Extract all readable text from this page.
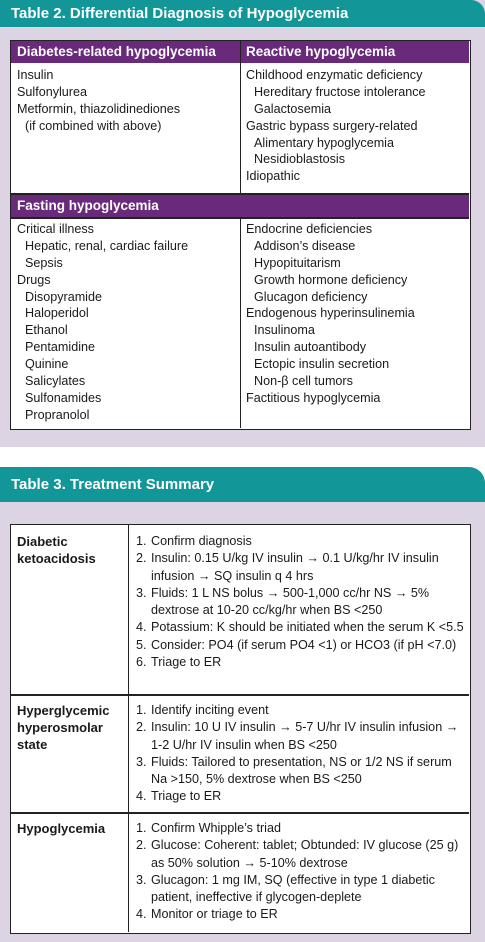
Table 2. Differential Diagnosis of Hypoglycemia
Diabetes-related hypoglycemia Reactive hypoglycemia
Insulin
Sulfonylurea
Metformin, thiazolidinediones
(if combined with above)
Childhood enzymatic deficiency
Hereditary fructose intolerance
Galactosemia
Gastric bypass surgery-related
Alimentary hypoglycemia
Nesidioblastosis
Idiopathic
Fasting hypoglycemia
Critical illness
Hepatic, renal, cardiac failure
Sepsis
Drugs
Disopyramide
Haloperidol
Ethanol
Pentamidine
Quinine
Salicylates
Sulfonamides
Propranolol
Endocrine deficiencies
Addison’s disease
Hypopituitarism
Growth hormone deficiency
Glucagon deficiency
Endogenous hyperinsulinemia
Insulinoma
Insulin autoantibody
Ectopic insulin secretion
Non-β cell tumors
Factitious hypoglycemia
Table 3. Treatment Summary
Diabetic ketoacidosis
1. Confirm diagnosis
2. Insulin: 0.15 U/kg IV insulin → 0.1 U/kg/hr IV insulin infusion → SQ insulin q 4 hrs
3. Fluids: 1 L NS bolus → 500-1,000 cc/hr NS → 5% dextrose at 10-20 cc/kg/hr when BS <250
4. Potassium: K should be initiated when the serum K <5.5
5. Consider: PO4 (if serum PO4 <1) or HCO3 (if pH <7.0)
6. Triage to ER
Hyperglycemic hyperosmolar state
1. Identify inciting event
2. Insulin: 10 U IV insulin → 5-7 U/hr IV insulin infusion → 1-2 U/hr IV insulin when BS <250
3. Fluids: Tailored to presentation, NS or 1/2 NS if serum Na >150, 5% dextrose when BS <250
4. Triage to ER
Hypoglycemia	1. Confirm Whipple’s triad
2. Glucose: Coherent: tablet; Obtunded: IV glucose (25 g) as 50% solution → 5-10% dextrose
3. Glucagon: 1 mg IM, SQ (effective in type 1 diabetic patient, ineffective if glycogen-deplete
4. Monitor or triage to ER
